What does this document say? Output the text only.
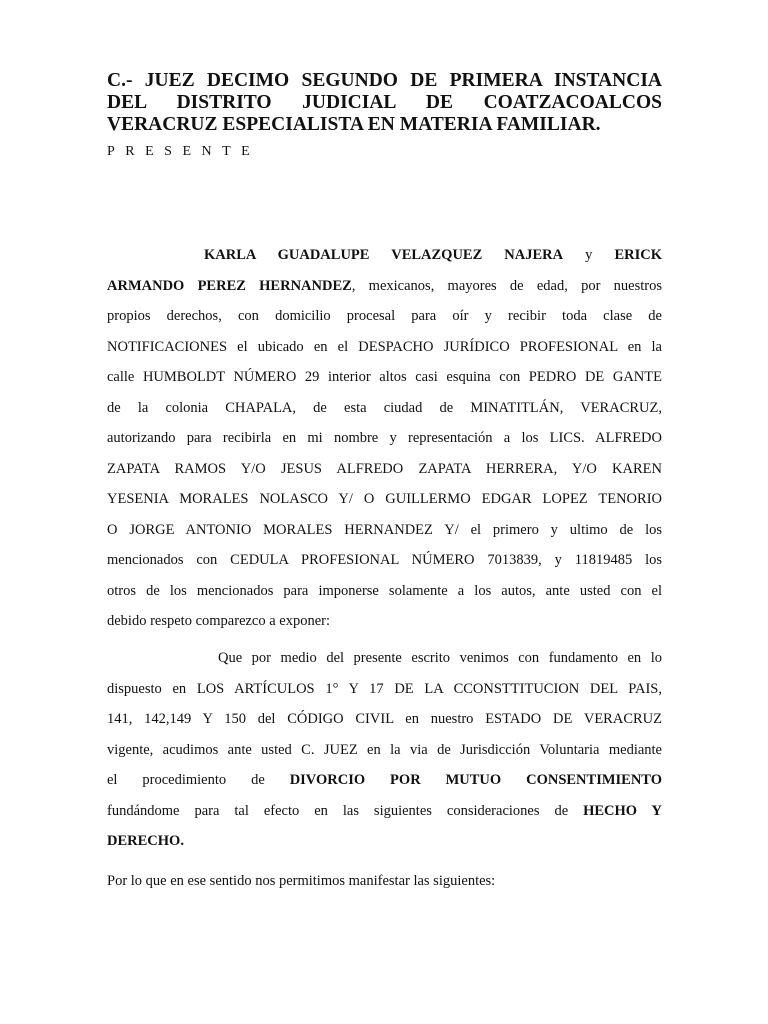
C.- JUEZ DECIMO SEGUNDO DE PRIMERA INSTANCIA
DEL DISTRITO JUDICIAL DE COATZACOALCOS
VERACRUZ ESPECIALISTA EN MATERIA FAMILIAR.
PRESENTE
KARLA GUADALUPE VELAZQUEZ NAJERA y ERICK
ARMANDO PEREZ HERNANDEZ, mexicanos, mayores de edad, por nuestros
propios derechos, con domicilio procesal para oír y recibir toda clase de
NOTIFICACIONES el ubicado en el DESPACHO JURÍDICO PROFESIONAL en la
calle HUMBOLDT NÚMERO 29 interior altos casi esquina con PEDRO DE GANTE
de la colonia CHAPALA, de esta ciudad de MINATITLÁN, VERACRUZ,
autorizando para recibirla en mi nombre y representación a los LICS. ALFREDO
ZAPATA RAMOS Y/O JESUS ALFREDO ZAPATA HERRERA, Y/O KAREN
YESENIA MORALES NOLASCO Y/ O GUILLERMO EDGAR LOPEZ TENORIO
O JORGE ANTONIO MORALES HERNANDEZ Y/ el primero y ultimo de los
mencionados con CEDULA PROFESIONAL NÚMERO 7013839, y 11819485 los
otros de los mencionados para imponerse solamente a los autos, ante usted con el
debido respeto comparezco a exponer:
Que por medio del presente escrito venimos con fundamento en lo
dispuesto en LOS ARTÍCULOS 1° Y 17 DE LA CCONSTTITUCION DEL PAIS,
141, 142,149 Y 150 del CÓDIGO CIVIL en nuestro ESTADO DE VERACRUZ
vigente, acudimos ante usted C. JUEZ en la via de Jurisdicción Voluntaria mediante
el procedimiento de DIVORCIO POR MUTUO CONSENTIMIENTO
fundándome para tal efecto en las siguientes consideraciones de HECHO Y
DERECHO.
Por lo que en ese sentido nos permitimos manifestar las siguientes:
